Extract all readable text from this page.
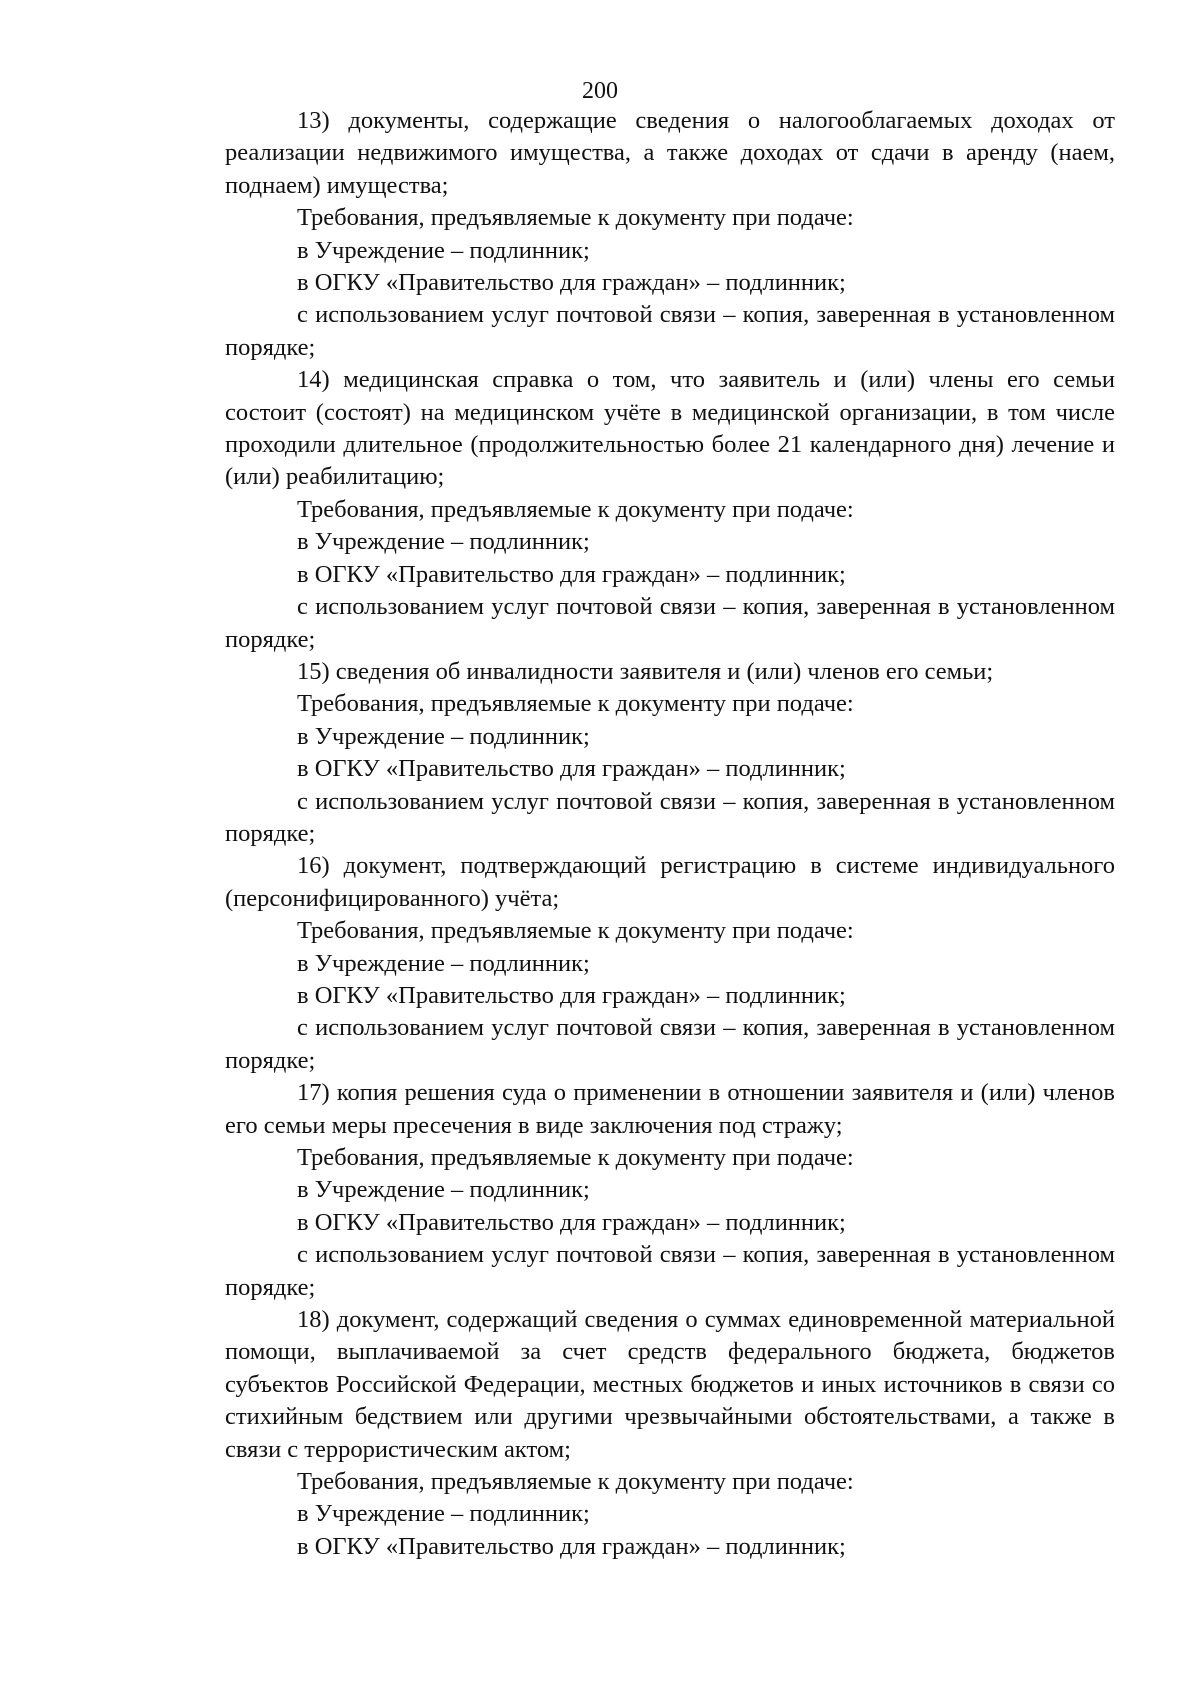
200

13) документы, содержащие сведения о налогооблагаемых доходах от реализации недвижимого имущества, а также доходах от сдачи в аренду (наем, поднаем) имущества;

Требования, предъявляемые к документу при подаче:

в Учреждение – подлинник;

в ОГКУ «Правительство для граждан» – подлинник;

с использованием услуг почтовой связи – копия, заверенная в установленном порядке;

14) медицинская справка о том, что заявитель и (или) члены его семьи состоит (состоят) на медицинском учёте в медицинской организации, в том числе проходили длительное (продолжительностью более 21 календарного дня) лечение и (или) реабилитацию;

Требования, предъявляемые к документу при подаче:

в Учреждение – подлинник;

в ОГКУ «Правительство для граждан» – подлинник;

с использованием услуг почтовой связи – копия, заверенная в установленном порядке;

15) сведения об инвалидности заявителя и (или) членов его семьи;

Требования, предъявляемые к документу при подаче:

в Учреждение – подлинник;

в ОГКУ «Правительство для граждан» – подлинник;

с использованием услуг почтовой связи – копия, заверенная в установленном порядке;

16) документ, подтверждающий регистрацию в системе индивидуального (персонифицированного) учёта;

Требования, предъявляемые к документу при подаче:

в Учреждение – подлинник;

в ОГКУ «Правительство для граждан» – подлинник;

с использованием услуг почтовой связи – копия, заверенная в установленном порядке;

17) копия решения суда о применении в отношении заявителя и (или) членов его семьи меры пресечения в виде заключения под стражу;

Требования, предъявляемые к документу при подаче:

в Учреждение – подлинник;

в ОГКУ «Правительство для граждан» – подлинник;

с использованием услуг почтовой связи – копия, заверенная в установленном порядке;

18) документ, содержащий сведения о суммах единовременной материальной помощи, выплачиваемой за счет средств федерального бюджета, бюджетов субъектов Российской Федерации, местных бюджетов и иных источников в связи со стихийным бедствием или другими чрезвычайными обстоятельствами, а также в связи с террористическим актом;

Требования, предъявляемые к документу при подаче:

в Учреждение – подлинник;

в ОГКУ «Правительство для граждан» – подлинник;
